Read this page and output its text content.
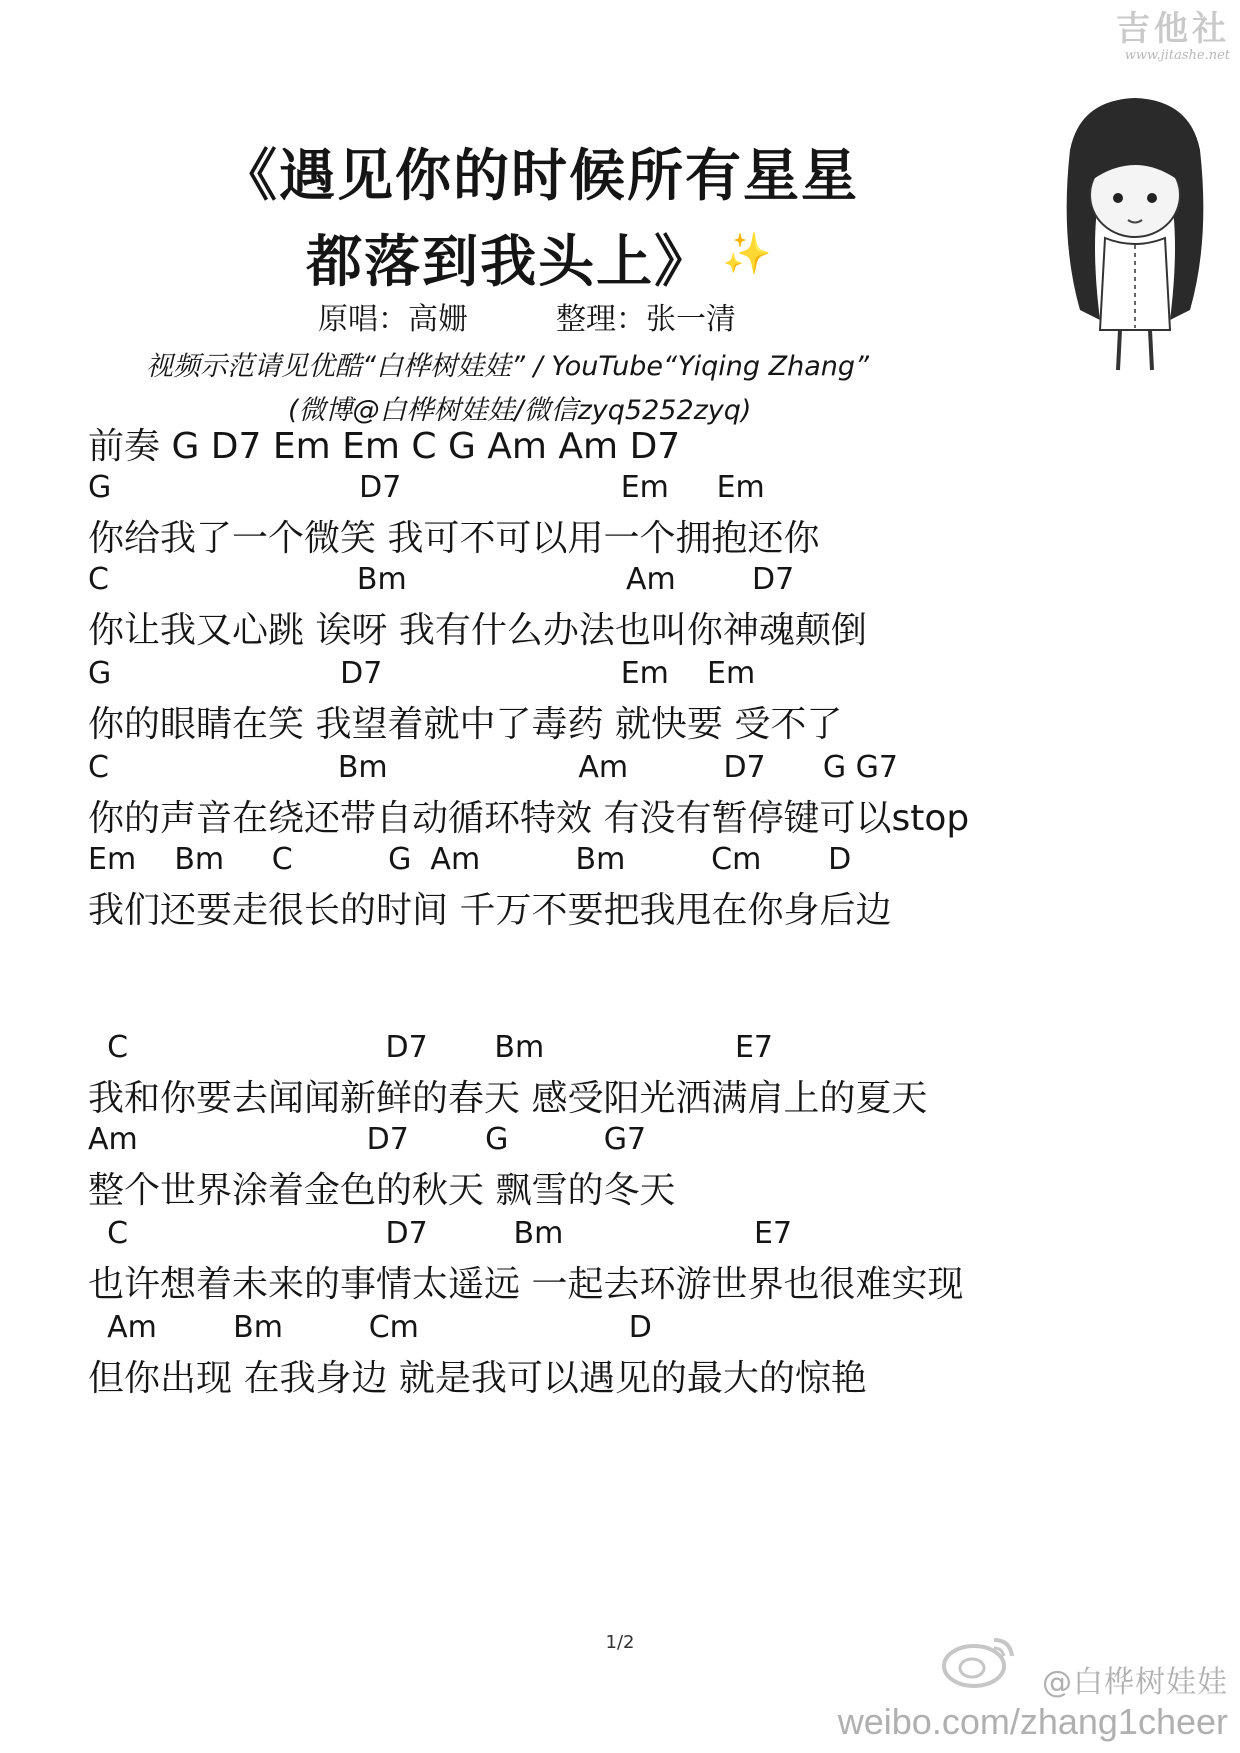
吉他社
www.jitashe.net
《遇见你的时候所有星星
都落到我头上》 ✨
原唱：高姗	整理：张一清
视频示范请见优酷“白桦树娃娃” / YouTube“Yiqing Zhang”
(微博@白桦树娃娃/微信zyq5252zyq)
前奏 G D7 Em Em C G Am Am D7
G                          D7                       Em     Em
你给我了一个微笑 我可不可以用一个拥抱还你
C                          Bm                       Am        D7
你让我又心跳 诶呀 我有什么办法也叫你神魂颠倒
G                        D7                         Em    Em
你的眼睛在笑 我望着就中了毒药 就快要 受不了
C                        Bm                    Am          D7      G G7
你的声音在绕还带自动循环特效 有没有暂停键可以stop
Em    Bm     C          G  Am          Bm         Cm       D
我们还要走很长的时间 千万不要把我甩在你身后边
C                           D7       Bm                    E7
我和你要去闻闻新鲜的春天 感受阳光洒满肩上的夏天
Am                        D7        G          G7
整个世界涂着金色的秋天 飘雪的冬天
C                           D7         Bm                    E7
也许想着未来的事情太遥远 一起去环游世界也很难实现
Am        Bm         Cm                      D
但你出现 在我身边 就是我可以遇见的最大的惊艳
1/2
@白桦树娃娃
weibo.com/zhang1cheer
